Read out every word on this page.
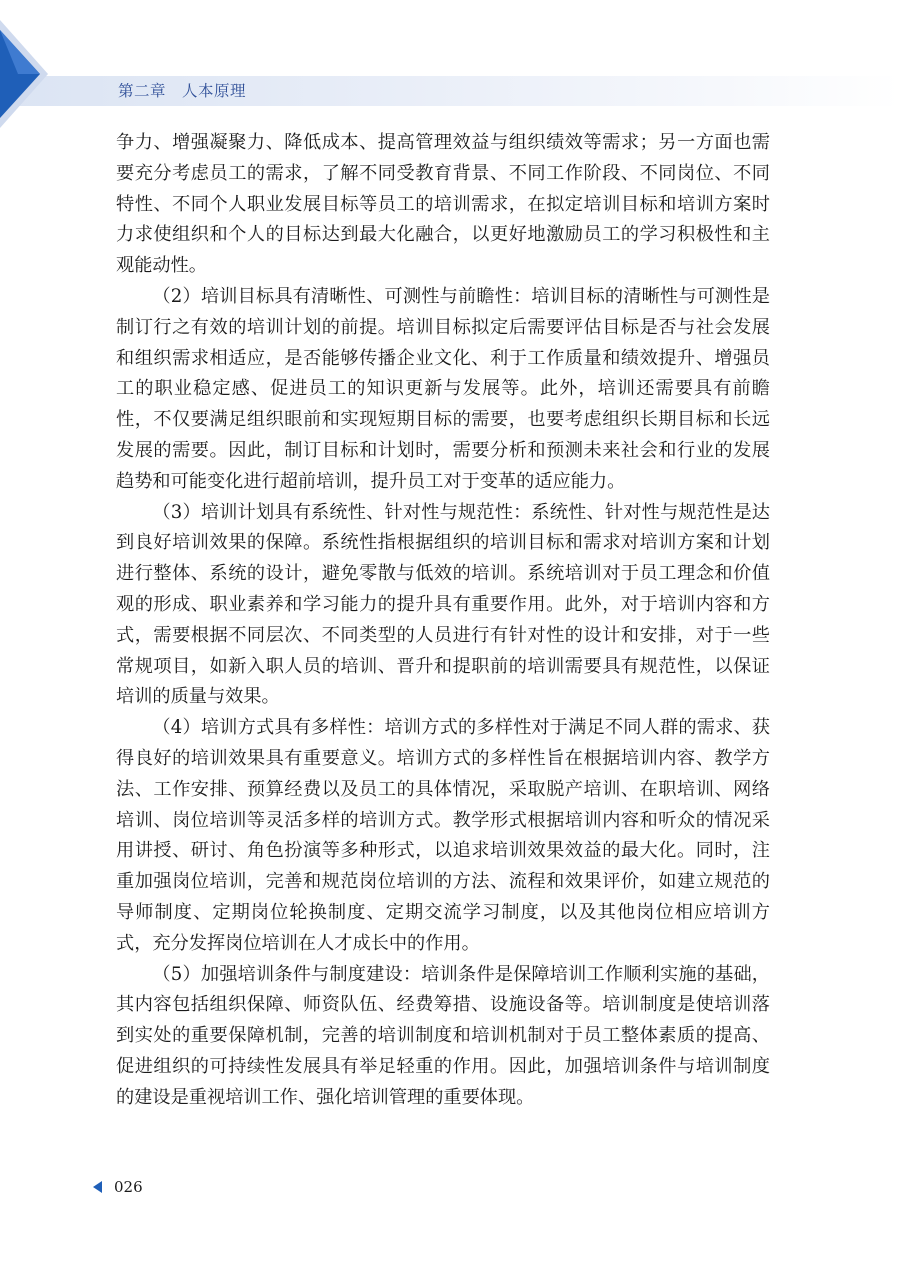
第二章　人本原理

争力、增强凝聚力、降低成本、提高管理效益与组织绩效等需求；另一方面也需要充分考虑员工的需求，了解不同受教育背景、不同工作阶段、不同岗位、不同特性、不同个人职业发展目标等员工的培训需求，在拟定培训目标和培训方案时力求使组织和个人的目标达到最大化融合，以更好地激励员工的学习积极性和主观能动性。

（2）培训目标具有清晰性、可测性与前瞻性：培训目标的清晰性与可测性是制订行之有效的培训计划的前提。培训目标拟定后需要评估目标是否与社会发展和组织需求相适应，是否能够传播企业文化、利于工作质量和绩效提升、增强员工的职业稳定感、促进员工的知识更新与发展等。此外，培训还需要具有前瞻性，不仅要满足组织眼前和实现短期目标的需要，也要考虑组织长期目标和长远发展的需要。因此，制订目标和计划时，需要分析和预测未来社会和行业的发展趋势和可能变化进行超前培训，提升员工对于变革的适应能力。

（3）培训计划具有系统性、针对性与规范性：系统性、针对性与规范性是达到良好培训效果的保障。系统性指根据组织的培训目标和需求对培训方案和计划进行整体、系统的设计，避免零散与低效的培训。系统培训对于员工理念和价值观的形成、职业素养和学习能力的提升具有重要作用。此外，对于培训内容和方式，需要根据不同层次、不同类型的人员进行有针对性的设计和安排，对于一些常规项目，如新入职人员的培训、晋升和提职前的培训需要具有规范性，以保证培训的质量与效果。

（4）培训方式具有多样性：培训方式的多样性对于满足不同人群的需求、获得良好的培训效果具有重要意义。培训方式的多样性旨在根据培训内容、教学方法、工作安排、预算经费以及员工的具体情况，采取脱产培训、在职培训、网络培训、岗位培训等灵活多样的培训方式。教学形式根据培训内容和听众的情况采用讲授、研讨、角色扮演等多种形式，以追求培训效果效益的最大化。同时，注重加强岗位培训，完善和规范岗位培训的方法、流程和效果评价，如建立规范的导师制度、定期岗位轮换制度、定期交流学习制度，以及其他岗位相应培训方式，充分发挥岗位培训在人才成长中的作用。

（5）加强培训条件与制度建设：培训条件是保障培训工作顺利实施的基础，其内容包括组织保障、师资队伍、经费筹措、设施设备等。培训制度是使培训落到实处的重要保障机制，完善的培训制度和培训机制对于员工整体素质的提高、促进组织的可持续性发展具有举足轻重的作用。因此，加强培训条件与培训制度的建设是重视培训工作、强化培训管理的重要体现。

026
